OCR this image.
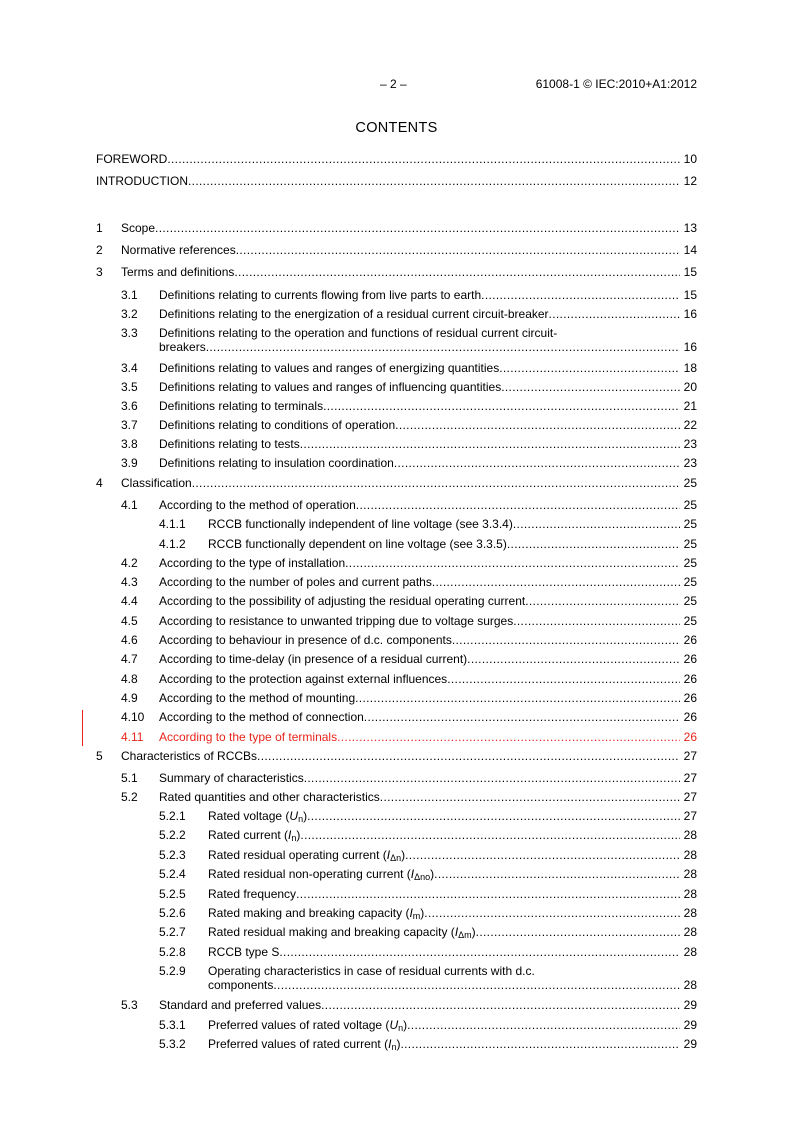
– 2 –	61008-1 © IEC:2010+A1:2012
CONTENTS
FOREWORD . . .	10
INTRODUCTION . . .	12
1 Scope . . .	13
2 Normative references . . .	14
3 Terms and definitions . . .	15
3.1 Definitions relating to currents flowing from live parts to earth . . .	15
3.2 Definitions relating to the energization of a residual current circuit-breaker . . .	16
3.3 Definitions relating to the operation and functions of residual current circuit-
breakers . . .	16
3.4 Definitions relating to values and ranges of energizing quantities . . .	18
3.5 Definitions relating to values and ranges of influencing quantities . . .	20
3.6 Definitions relating to terminals . . .	21
3.7 Definitions relating to conditions of operation . . .	22
3.8 Definitions relating to tests . . .	23
3.9 Definitions relating to insulation coordination . . .	23
4 Classification . . .	25
4.1 According to the method of operation . . .	25
4.1.1 RCCB functionally independent of line voltage (see 3.3.4) . . .	25
4.1.2 RCCB functionally dependent on line voltage (see 3.3.5) . . .	25
4.2 According to the type of installation . . .	25
4.3 According to the number of poles and current paths . . .	25
4.4 According to the possibility of adjusting the residual operating current . . .	25
4.5 According to resistance to unwanted tripping due to voltage surges . . .	25
4.6 According to behaviour in presence of d.c. components . . .	26
4.7 According to time-delay (in presence of a residual current) . . .	26
4.8 According to the protection against external influences . . .	26
4.9 According to the method of mounting . . .	26
4.10 According to the method of connection . . .	26
4.11 According to the type of terminals . . .	26
5 Characteristics of RCCBs . . .	27
5.1 Summary of characteristics . . .	27
5.2 Rated quantities and other characteristics . . .	27
5.2.1 Rated voltage $(U_n)$ . . .	27
5.2.2 Rated current $(I_n)$ . . .	28
5.2.3 Rated residual operating current $(I_{\Delta n})$ . . .	28
5.2.4 Rated residual non-operating current $(I_{\Delta no})$ . . .	28
5.2.5 Rated frequency . . .	28
5.2.6 Rated making and breaking capacity $(I_m)$ . . .	28
5.2.7 Rated residual making and breaking capacity $(I_{\Delta m})$ . . .	28
5.2.8 RCCB type S . . .	28
5.2.9 Operating characteristics in case of residual currents with d.c.
components . . .	28
5.3 Standard and preferred values . . .	29
5.3.1 Preferred values of rated voltage $(U_n)$ . . .	29
5.3.2 Preferred values of rated current $(I_n)$ . . .	29
